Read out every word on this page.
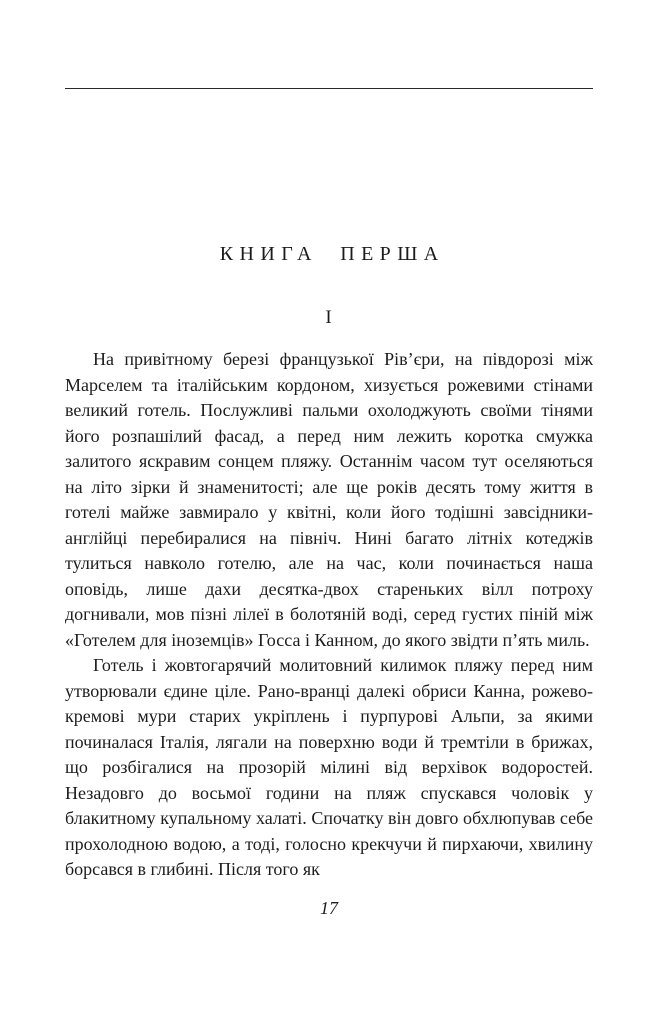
КНИГА ПЕРША
I

На привітному березі французької Рів’єри, на півдорозі між Марселем та італійським кордоном, хизується рожевими стінами великий готель. Послужливі пальми охолоджують своїми тінями його розпашілий фасад, а перед ним лежить коротка смужка залитого яскравим сонцем пляжу. Останнім часом тут оселяються на літо зірки й знаменитості; але ще років десять тому життя в готелі майже завмирало у квітні, коли його тодішні завсідники-англійці перебиралися на північ. Нині багато літніх котеджів тулиться навколо готелю, але на час, коли починається наша оповідь, лише дахи десятка-двох стареньких вілл потроху догнивали, мов пізні лілеї в болотяній воді, серед густих піній між «Готелем для іноземців» Госса і Канном, до якого звідти п’ять миль.

Готель і жовтогарячий молитовний килимок пляжу перед ним утворювали єдине ціле. Рано-вранці далекі обриси Канна, рожево-кремові мури старих укріплень і пурпурові Альпи, за якими починалася Італія, лягали на поверхню води й тремтіли в брижах, що розбігалися на прозорій мілині від верхівок водоростей. Незадовго до восьмої години на пляж спускався чоловік у блакитному купальному халаті. Спочатку він довго обхлюпував себе прохолодною водою, а тоді, голосно крекчучи й пирхаючи, хвилину борсався в глибині. Після того як

17
